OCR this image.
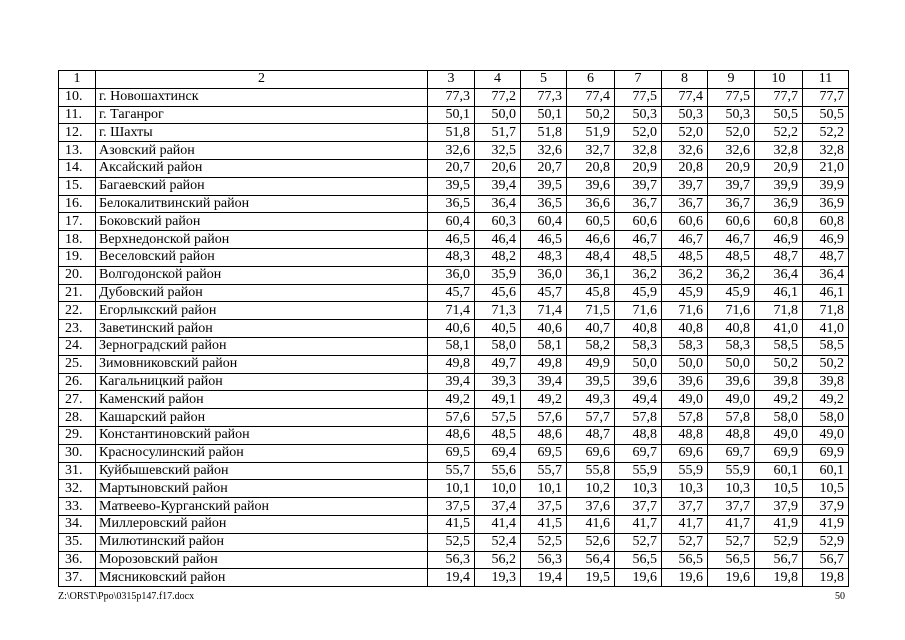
1	2	3	4	5	6	7	8	9	10	11
10.	г. Новошахтинск	77,3	77,2	77,3	77,4	77,5	77,4	77,5	77,7	77,7
11.	г. Таганрог	50,1	50,0	50,1	50,2	50,3	50,3	50,3	50,5	50,5
12.	г. Шахты	51,8	51,7	51,8	51,9	52,0	52,0	52,0	52,2	52,2
13.	Азовский район	32,6	32,5	32,6	32,7	32,8	32,6	32,6	32,8	32,8
14.	Аксайский район	20,7	20,6	20,7	20,8	20,9	20,8	20,9	20,9	21,0
15.	Багаевский район	39,5	39,4	39,5	39,6	39,7	39,7	39,7	39,9	39,9
16.	Белокалитвинский район	36,5	36,4	36,5	36,6	36,7	36,7	36,7	36,9	36,9
17.	Боковский район	60,4	60,3	60,4	60,5	60,6	60,6	60,6	60,8	60,8
18.	Верхнедонской район	46,5	46,4	46,5	46,6	46,7	46,7	46,7	46,9	46,9
19.	Веселовский район	48,3	48,2	48,3	48,4	48,5	48,5	48,5	48,7	48,7
20.	Волгодонской район	36,0	35,9	36,0	36,1	36,2	36,2	36,2	36,4	36,4
21.	Дубовский район	45,7	45,6	45,7	45,8	45,9	45,9	45,9	46,1	46,1
22.	Егорлыкский район	71,4	71,3	71,4	71,5	71,6	71,6	71,6	71,8	71,8
23.	Заветинский район	40,6	40,5	40,6	40,7	40,8	40,8	40,8	41,0	41,0
24.	Зерноградский район	58,1	58,0	58,1	58,2	58,3	58,3	58,3	58,5	58,5
25.	Зимовниковский район	49,8	49,7	49,8	49,9	50,0	50,0	50,0	50,2	50,2
26.	Кагальницкий район	39,4	39,3	39,4	39,5	39,6	39,6	39,6	39,8	39,8
27.	Каменский район	49,2	49,1	49,2	49,3	49,4	49,0	49,0	49,2	49,2
28.	Кашарский район	57,6	57,5	57,6	57,7	57,8	57,8	57,8	58,0	58,0
29.	Константиновский район	48,6	48,5	48,6	48,7	48,8	48,8	48,8	49,0	49,0
30.	Красносулинский район	69,5	69,4	69,5	69,6	69,7	69,6	69,7	69,9	69,9
31.	Куйбышевский район	55,7	55,6	55,7	55,8	55,9	55,9	55,9	60,1	60,1
32.	Мартыновский район	10,1	10,0	10,1	10,2	10,3	10,3	10,3	10,5	10,5
33.	Матвеево-Курганский район	37,5	37,4	37,5	37,6	37,7	37,7	37,7	37,9	37,9
34.	Миллеровский район	41,5	41,4	41,5	41,6	41,7	41,7	41,7	41,9	41,9
35.	Милютинский район	52,5	52,4	52,5	52,6	52,7	52,7	52,7	52,9	52,9
36.	Морозовский район	56,3	56,2	56,3	56,4	56,5	56,5	56,5	56,7	56,7
37.	Мясниковский район	19,4	19,3	19,4	19,5	19,6	19,6	19,6	19,8	19,8
Z:\ORST\Ppo\0315p147.f17.docx	50
